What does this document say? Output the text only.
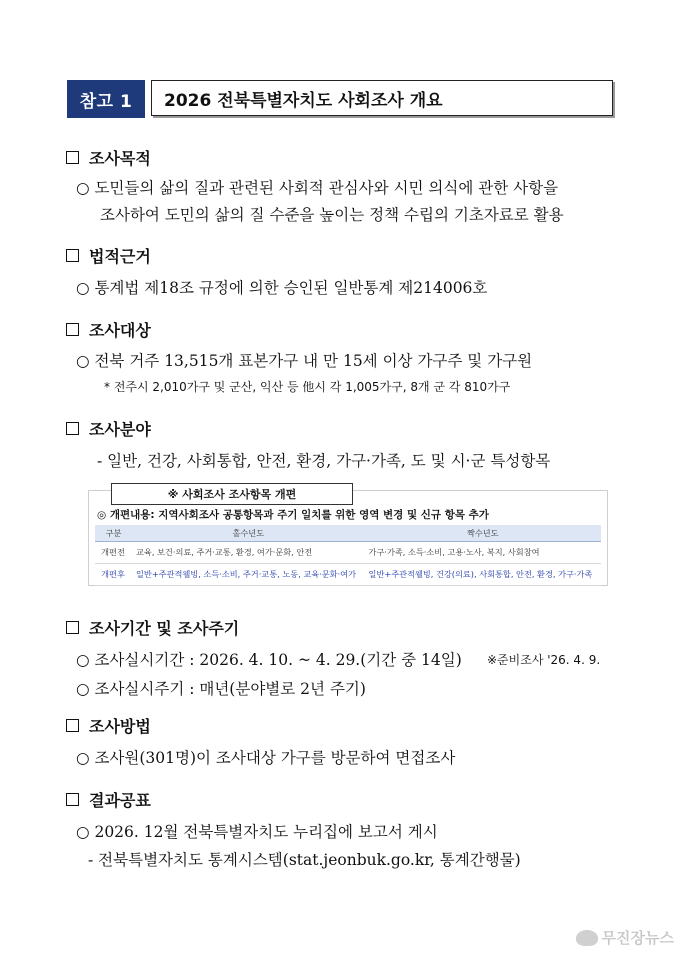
참고 1	2026 전북특별자치도 사회조사 개요
조사목적
○ 도민들의 삶의 질과 관련된 사회적 관심사와 시민 의식에 관한 사항을
조사하여 도민의 삶의 질 수준을 높이는 정책 수립의 기초자료로 활용
법적근거
○ 통계법 제18조 규정에 의한 승인된 일반통계 제214006호
조사대상
○ 전북 거주 13,515개 표본가구 내 만 15세 이상 가구주 및 가구원
* 전주시 2,010가구 및 군산, 익산 등 他시 각 1,005가구, 8개 군 각 810가구
조사분야
- 일반, 건강, 사회통합, 안전, 환경, 가구·가족, 도 및 시·군 특성항목
※ 사회조사 조사항목 개편
◎ 개편내용: 지역사회조사 공통항목과 주기 일치를 위한 영역 변경 및 신규 항목 추가
구분	홀수년도	짝수년도
개편전	교육, 보건·의료, 주거·교통, 환경, 여가·문화, 안전	가구·가족, 소득·소비, 고용·노사, 복지, 사회참여
개편후	일반+주관적웰빙, 소득·소비, 주거·교통, 노동, 교육·문화·여가	일반+주관적웰빙, 건강(의료), 사회통합, 안전, 환경, 가구·가족
조사기간 및 조사주기
○ 조사실시기간 : 2026. 4. 10. ~ 4. 29.(기간 중 14일) ※준비조사 '26. 4. 9.
○ 조사실시주기 : 매년(분야별로 2년 주기)
조사방법
○ 조사원(301명)이 조사대상 가구를 방문하여 면접조사
결과공표
○ 2026. 12월 전북특별자치도 누리집에 보고서 게시
- 전북특별자치도 통계시스템(stat.jeonbuk.go.kr, 통계간행물)
무진장뉴스
